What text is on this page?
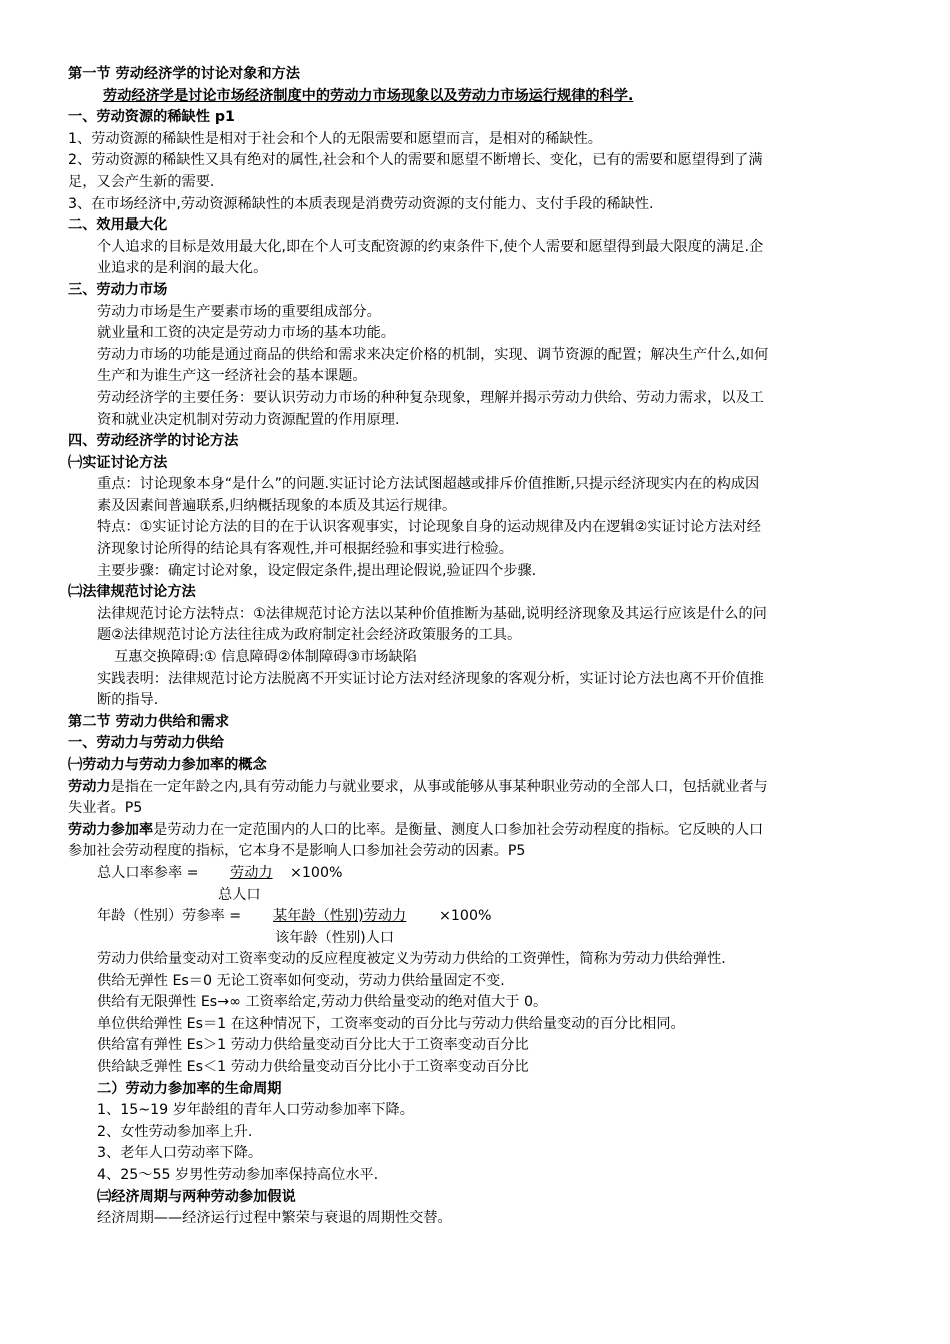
第一节 劳动经济学的讨论对象和方法

劳动经济学是讨论市场经济制度中的劳动力市场现象以及劳动力市场运行规律的科学.

一、劳动资源的稀缺性 p1

1、劳动资源的稀缺性是相对于社会和个人的无限需要和愿望而言，是相对的稀缺性。

2、劳动资源的稀缺性又具有绝对的属性,社会和个人的需要和愿望不断增长、变化，已有的需要和愿望得到了满

足，又会产生新的需要.

3、在市场经济中,劳动资源稀缺性的本质表现是消费劳动资源的支付能力、支付手段的稀缺性.

二、效用最大化

个人追求的目标是效用最大化,即在个人可支配资源的约束条件下,使个人需要和愿望得到最大限度的满足.企

业追求的是利润的最大化。

三、劳动力市场

劳动力市场是生产要素市场的重要组成部分。

就业量和工资的决定是劳动力市场的基本功能。

劳动力市场的功能是通过商品的供给和需求来决定价格的机制，实现、调节资源的配置；解决生产什么,如何

生产和为谁生产这一经济社会的基本课题。

劳动经济学的主要任务：要认识劳动力市场的种种复杂现象，理解并揭示劳动力供给、劳动力需求，以及工

资和就业决定机制对劳动力资源配置的作用原理.

四、劳动经济学的讨论方法

㈠实证讨论方法

重点：讨论现象本身“是什么”的问题.实证讨论方法试图超越或排斥价值推断,只提示经济现实内在的构成因

素及因素间普遍联系,归纳概括现象的本质及其运行规律。

特点：①实证讨论方法的目的在于认识客观事实，讨论现象自身的运动规律及内在逻辑②实证讨论方法对经

济现象讨论所得的结论具有客观性,并可根据经验和事实进行检验。

主要步骤：确定讨论对象，设定假定条件,提出理论假说,验证四个步骤.

㈡法律规范讨论方法

法律规范讨论方法特点：①法律规范讨论方法以某种价值推断为基础,说明经济现象及其运行应该是什么的问

题②法律规范讨论方法往往成为政府制定社会经济政策服务的工具。

互惠交换障碍:① 信息障碍②体制障碍③市场缺陷

实践表明：法律规范讨论方法脱离不开实证讨论方法对经济现象的客观分析，实证讨论方法也离不开价值推

断的指导.

第二节 劳动力供给和需求

一、劳动力与劳动力供给

㈠劳动力与劳动力参加率的概念

劳动力是指在一定年龄之内,具有劳动能力与就业要求，从事或能够从事某种职业劳动的全部人口，包括就业者与

失业者。P5

劳动力参加率是劳动力在一定范围内的人口的比率。是衡量、测度人口参加社会劳动程度的指标。它反映的人口

参加社会劳动程度的指标，它本身不是影响人口参加社会劳动的因素。P5

总人口率参率 = 劳动力 ×100%
总人口
年龄（性别）劳参率 = 某年龄（性别)劳动力 ×100%
该年龄（性别)人口

劳动力供给量变动对工资率变动的反应程度被定义为劳动力供给的工资弹性，简称为劳动力供给弹性.

供给无弹性 Es＝0 无论工资率如何变动，劳动力供给量固定不变.

供给有无限弹性 Es→∞ 工资率给定,劳动力供给量变动的绝对值大于 0。

单位供给弹性 Es＝1 在这种情况下，工资率变动的百分比与劳动力供给量变动的百分比相同。

供给富有弹性 Es＞1 劳动力供给量变动百分比大于工资率变动百分比

供给缺乏弹性 Es＜1 劳动力供给量变动百分比小于工资率变动百分比

二）劳动力参加率的生命周期

1、15~19 岁年龄组的青年人口劳动参加率下降。

2、女性劳动参加率上升.

3、老年人口劳动率下降。

4、25～55 岁男性劳动参加率保持高位水平.

㈢经济周期与两种劳动参加假说

经济周期——经济运行过程中繁荣与衰退的周期性交替。
